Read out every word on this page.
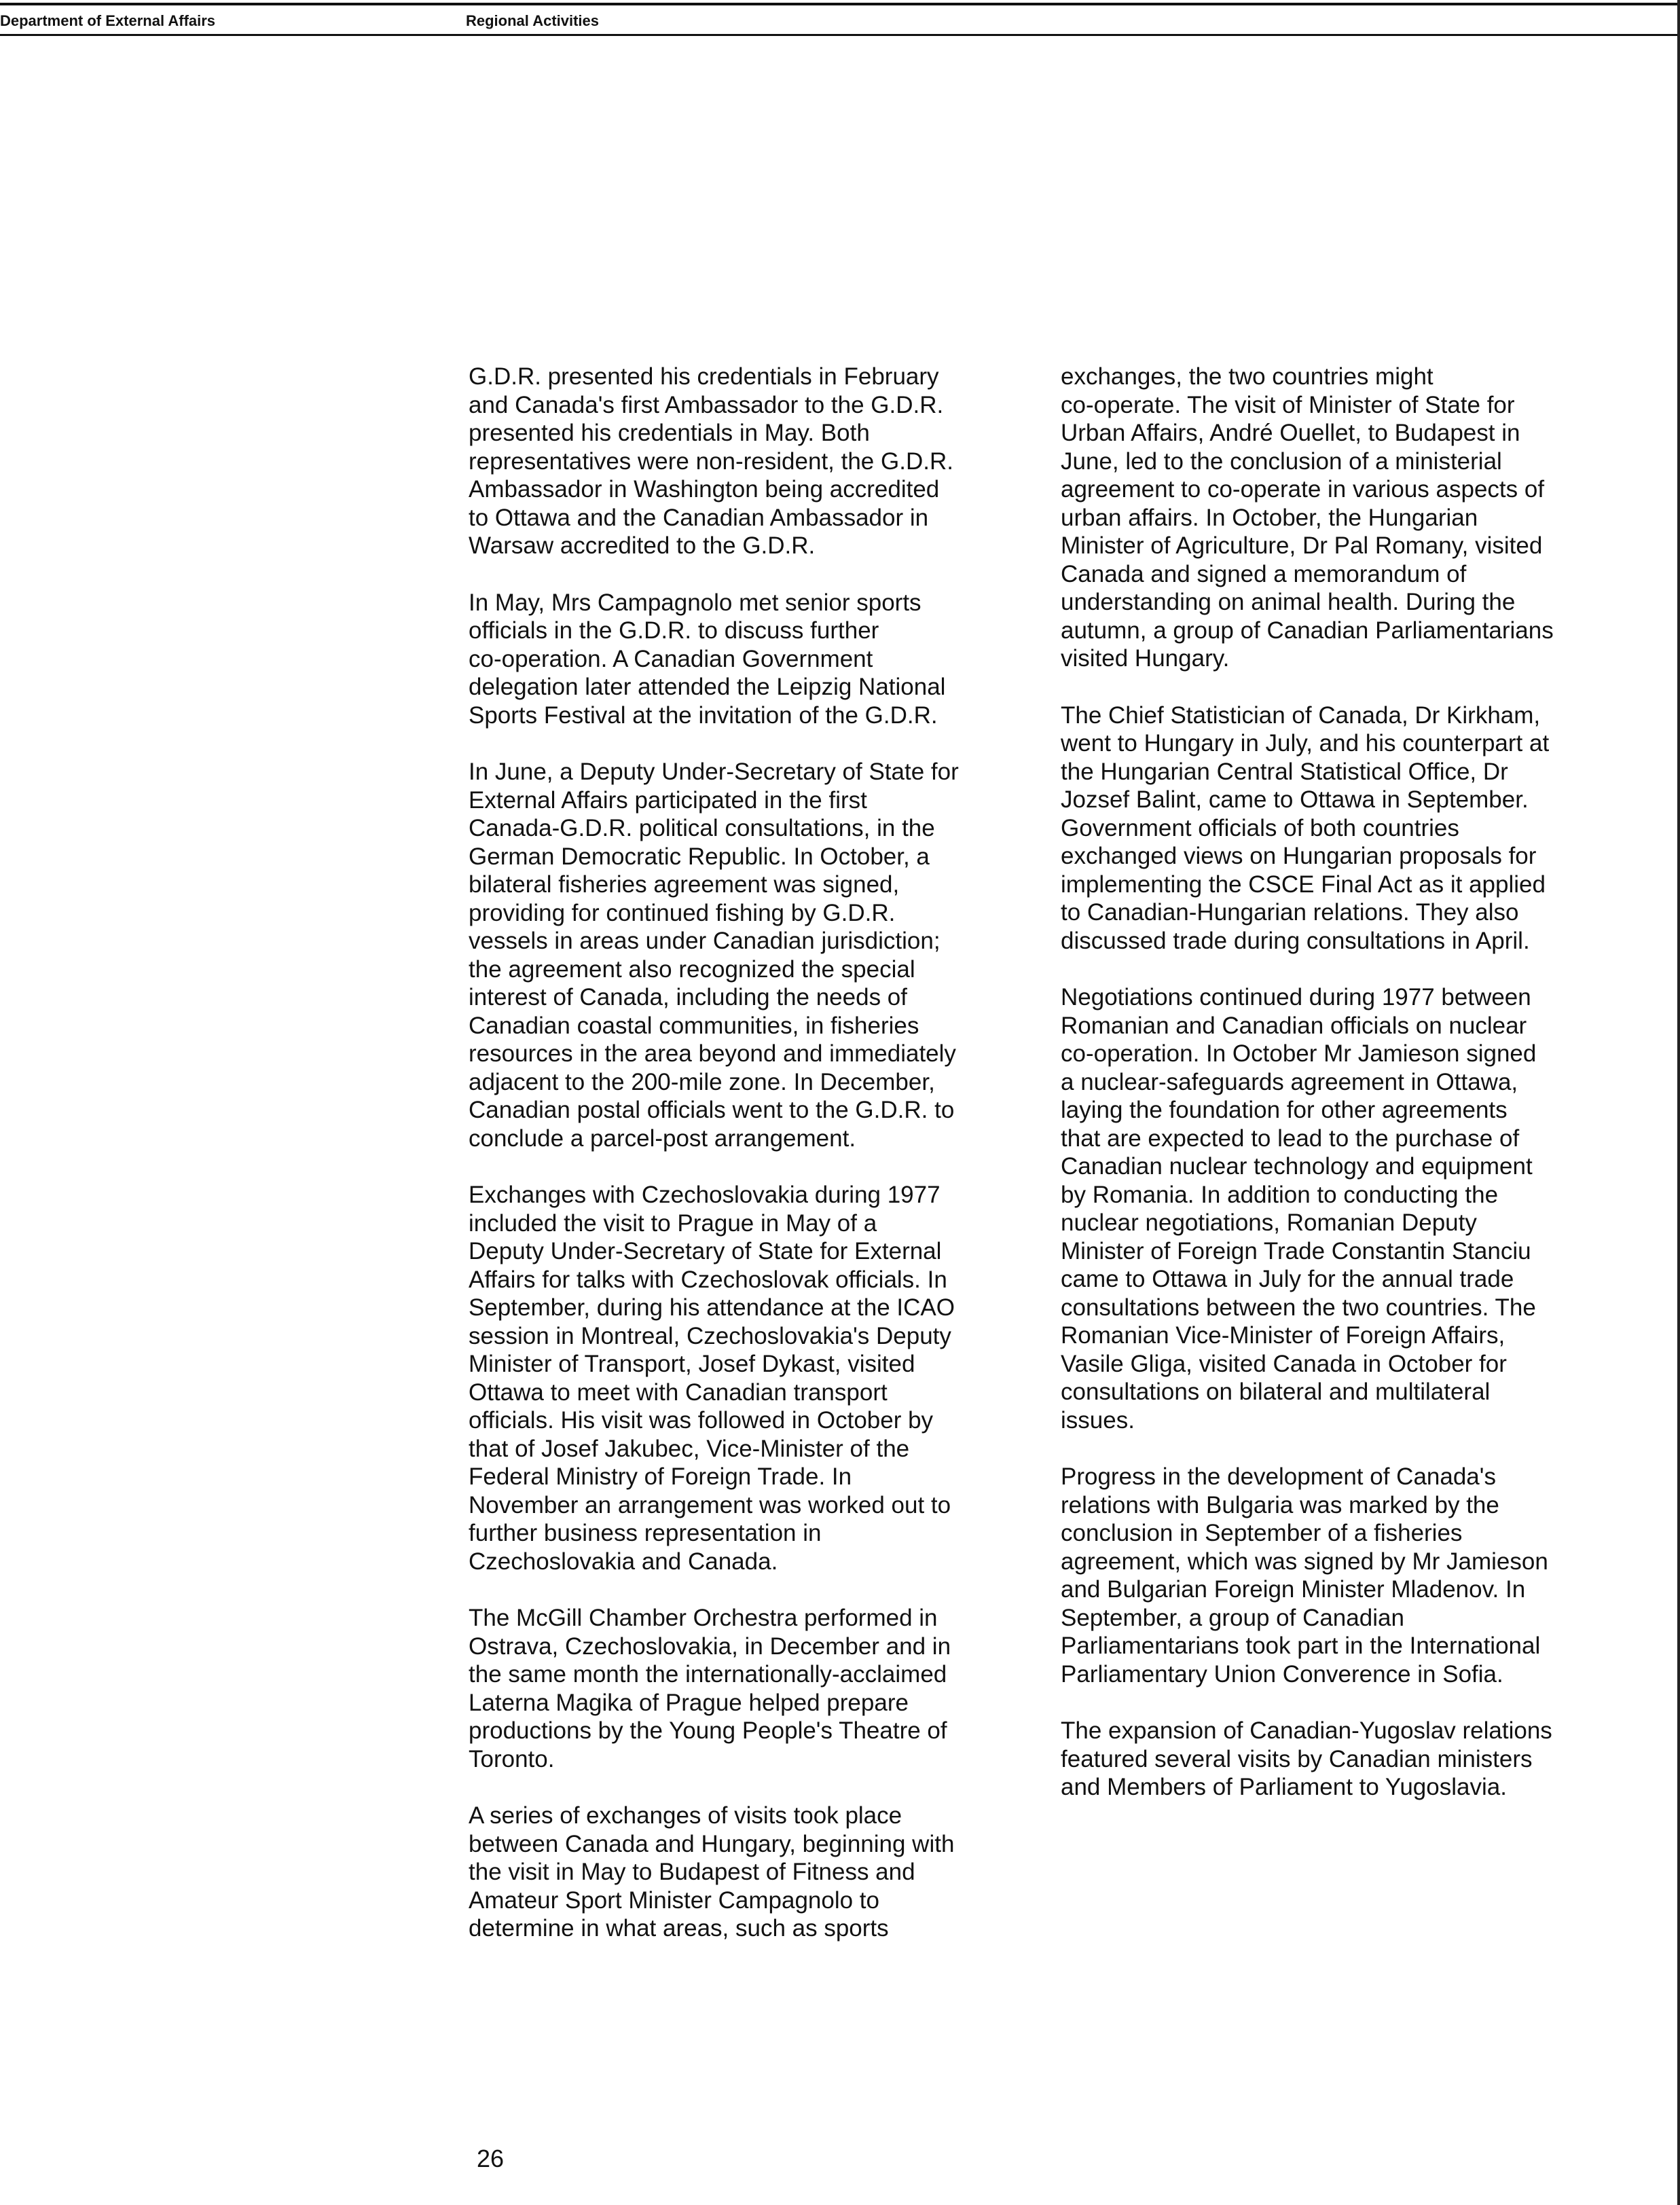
Department of External Affairs	Regional Activities

G.D.R. presented his credentials in February
and Canada's first Ambassador to the G.D.R.
presented his credentials in May. Both
representatives were non-resident, the G.D.R.
Ambassador in Washington being accredited
to Ottawa and the Canadian Ambassador in
Warsaw accredited to the G.D.R.

In May, Mrs Campagnolo met senior sports
officials in the G.D.R. to discuss further
co-operation. A Canadian Government
delegation later attended the Leipzig National
Sports Festival at the invitation of the G.D.R.

In June, a Deputy Under-Secretary of State for
External Affairs participated in the first
Canada-G.D.R. political consultations, in the
German Democratic Republic. In October, a
bilateral fisheries agreement was signed,
providing for continued fishing by G.D.R.
vessels in areas under Canadian jurisdiction;
the agreement also recognized the special
interest of Canada, including the needs of
Canadian coastal communities, in fisheries
resources in the area beyond and immediately
adjacent to the 200-mile zone. In December,
Canadian postal officials went to the G.D.R. to
conclude a parcel-post arrangement.

Exchanges with Czechoslovakia during 1977
included the visit to Prague in May of a
Deputy Under-Secretary of State for External
Affairs for talks with Czechoslovak officials. In
September, during his attendance at the ICAO
session in Montreal, Czechoslovakia's Deputy
Minister of Transport, Josef Dykast, visited
Ottawa to meet with Canadian transport
officials. His visit was followed in October by
that of Josef Jakubec, Vice-Minister of the
Federal Ministry of Foreign Trade. In
November an arrangement was worked out to
further business representation in
Czechoslovakia and Canada.

The McGill Chamber Orchestra performed in
Ostrava, Czechoslovakia, in December and in
the same month the internationally-acclaimed
Laterna Magika of Prague helped prepare
productions by the Young People's Theatre of
Toronto.

A series of exchanges of visits took place
between Canada and Hungary, beginning with
the visit in May to Budapest of Fitness and
Amateur Sport Minister Campagnolo to
determine in what areas, such as sports

exchanges, the two countries might
co-operate. The visit of Minister of State for
Urban Affairs, André Ouellet, to Budapest in
June, led to the conclusion of a ministerial
agreement to co-operate in various aspects of
urban affairs. In October, the Hungarian
Minister of Agriculture, Dr Pal Romany, visited
Canada and signed a memorandum of
understanding on animal health. During the
autumn, a group of Canadian Parliamentarians
visited Hungary.

The Chief Statistician of Canada, Dr Kirkham,
went to Hungary in July, and his counterpart at
the Hungarian Central Statistical Office, Dr
Jozsef Balint, came to Ottawa in September.
Government officials of both countries
exchanged views on Hungarian proposals for
implementing the CSCE Final Act as it applied
to Canadian-Hungarian relations. They also
discussed trade during consultations in April.

Negotiations continued during 1977 between
Romanian and Canadian officials on nuclear
co-operation. In October Mr Jamieson signed
a nuclear-safeguards agreement in Ottawa,
laying the foundation for other agreements
that are expected to lead to the purchase of
Canadian nuclear technology and equipment
by Romania. In addition to conducting the
nuclear negotiations, Romanian Deputy
Minister of Foreign Trade Constantin Stanciu
came to Ottawa in July for the annual trade
consultations between the two countries. The
Romanian Vice-Minister of Foreign Affairs,
Vasile Gliga, visited Canada in October for
consultations on bilateral and multilateral
issues.

Progress in the development of Canada's
relations with Bulgaria was marked by the
conclusion in September of a fisheries
agreement, which was signed by Mr Jamieson
and Bulgarian Foreign Minister Mladenov. In
September, a group of Canadian
Parliamentarians took part in the International
Parliamentary Union Converence in Sofia.

The expansion of Canadian-Yugoslav relations
featured several visits by Canadian ministers
and Members of Parliament to Yugoslavia.

26
